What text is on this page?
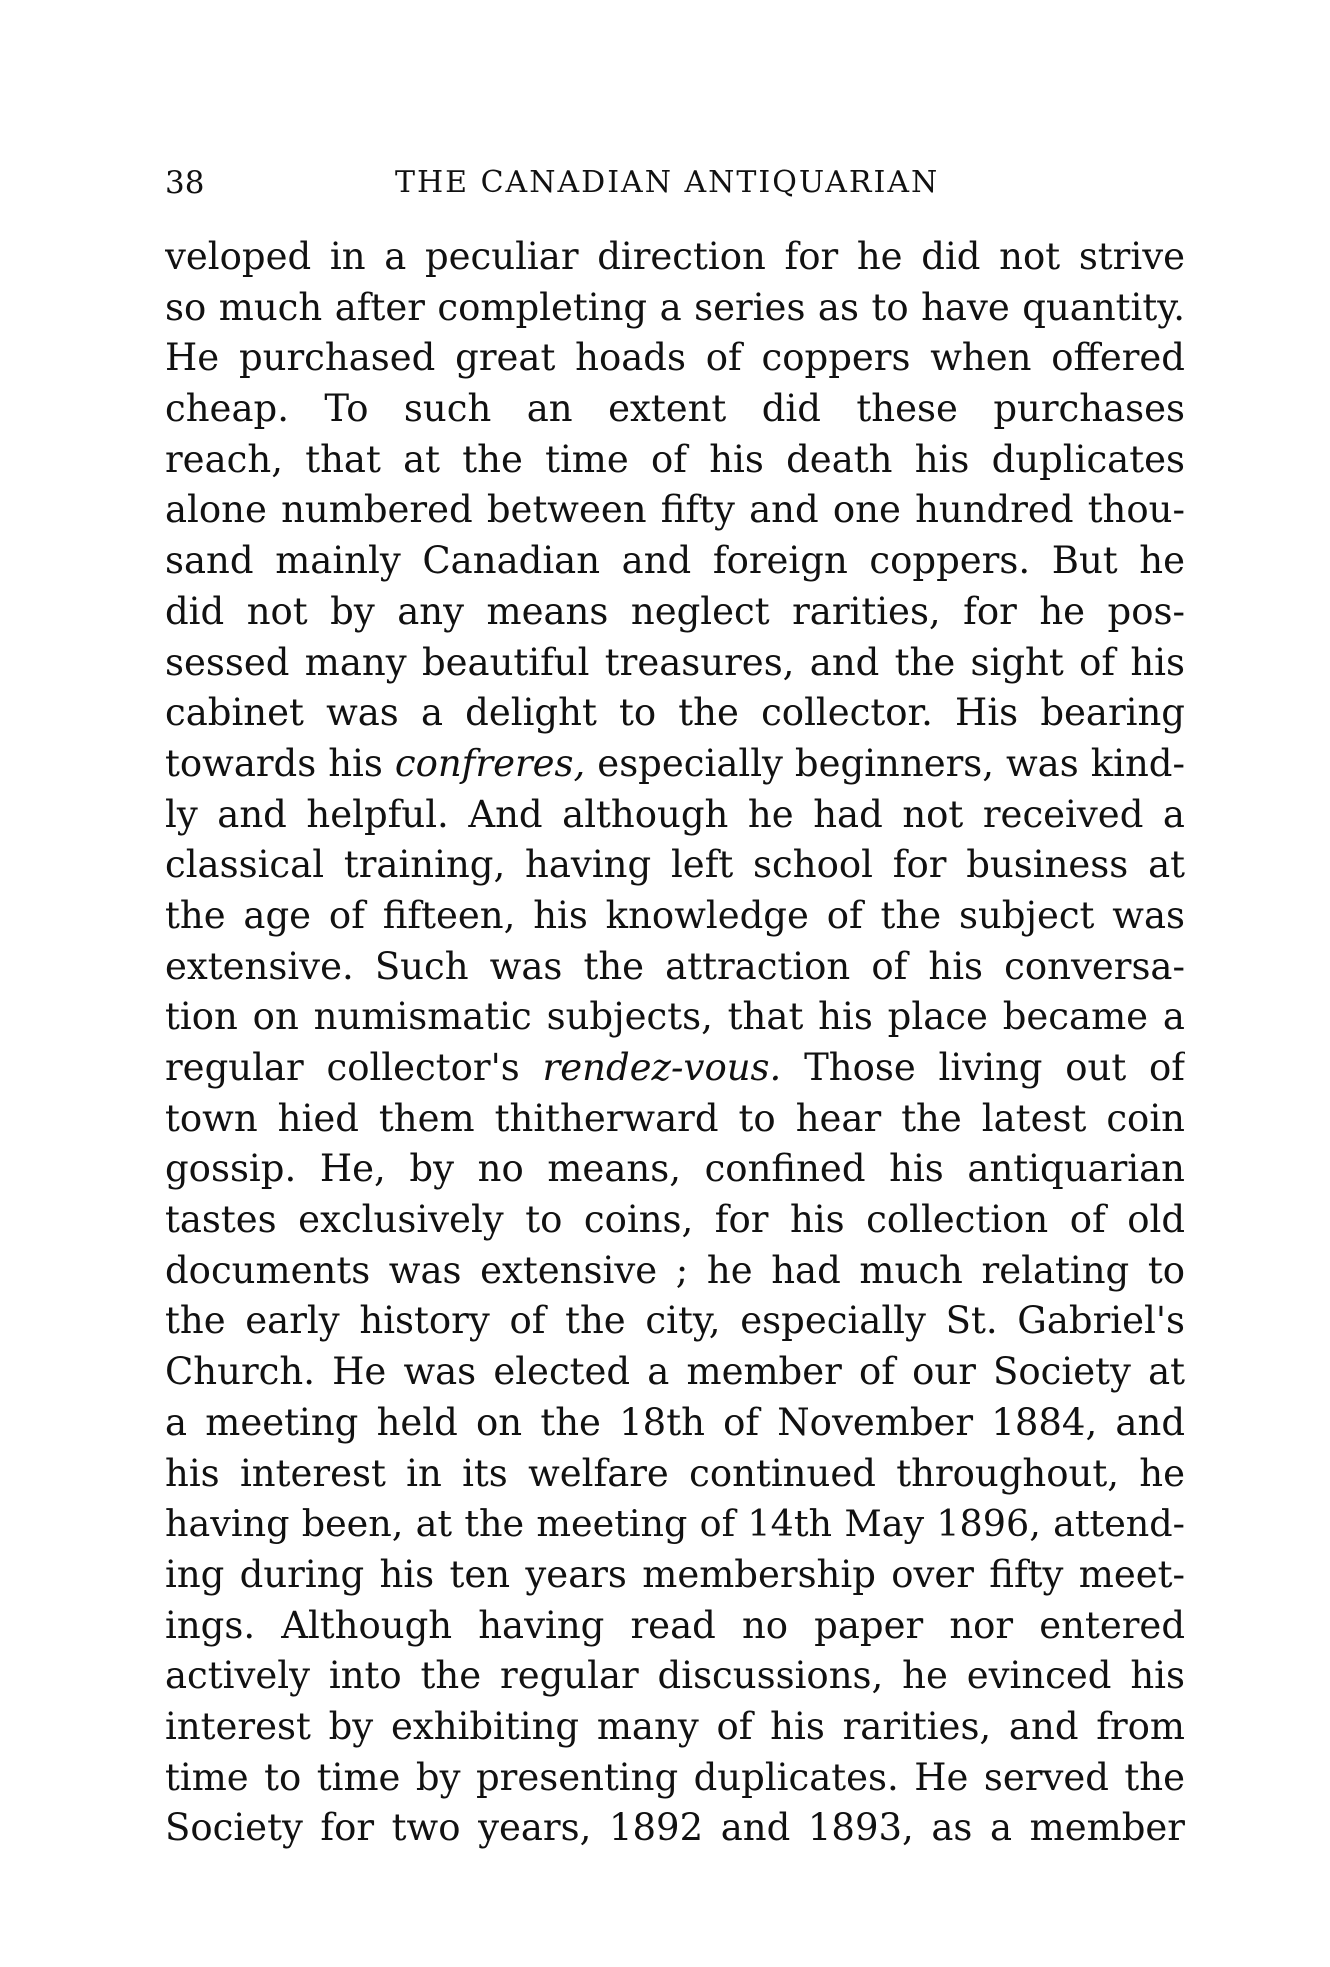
38	THE CANADIAN ANTIQUARIAN
veloped in a peculiar direction for he did not strive
so much after completing a series as to have quantity.
He purchased great hoads of coppers when offered
cheap. To such an extent did these purchases
reach, that at the time of his death his duplicates
alone numbered between fifty and one hundred thou-
sand mainly Canadian and foreign coppers. But he
did not by any means neglect rarities, for he pos-
sessed many beautiful treasures, and the sight of his
cabinet was a delight to the collector. His bearing
towards his confreres, especially beginners, was kind-
ly and helpful. And although he had not received a
classical training, having left school for business at
the age of fifteen, his knowledge of the subject was
extensive. Such was the attraction of his conversa-
tion on numismatic subjects, that his place became a
regular collector's rendez-vous. Those living out of
town hied them thitherward to hear the latest coin
gossip. He, by no means, confined his antiquarian
tastes exclusively to coins, for his collection of old
documents was extensive ; he had much relating to
the early history of the city, especially St. Gabriel's
Church. He was elected a member of our Society at
a meeting held on the 18th of November 1884, and
his interest in its welfare continued throughout, he
having been, at the meeting of 14th May 1896, attend-
ing during his ten years membership over fifty meet-
ings. Although having read no paper nor entered
actively into the regular discussions, he evinced his
interest by exhibiting many of his rarities, and from
time to time by presenting duplicates. He served the
Society for two years, 1892 and 1893, as a member
